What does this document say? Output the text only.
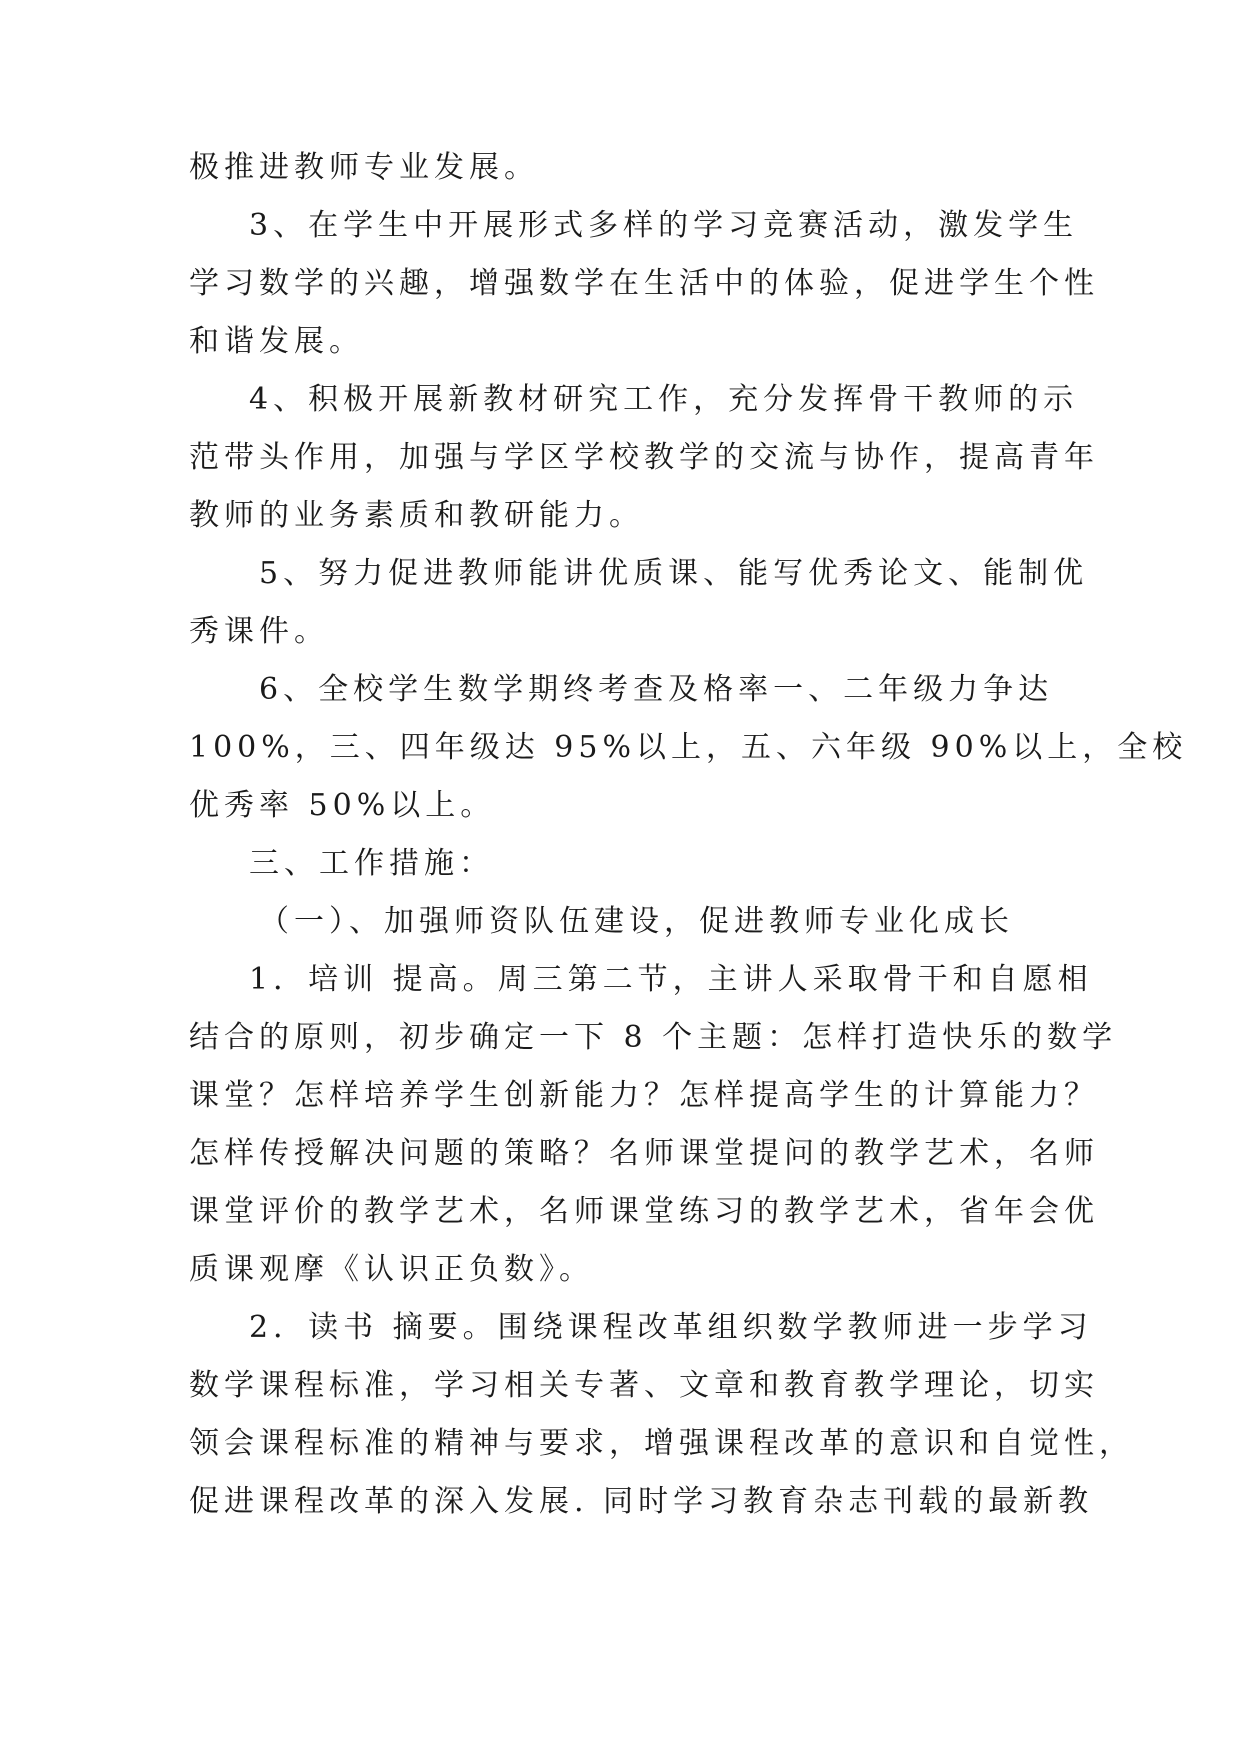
极推进教师专业发展。
3、在学生中开展形式多样的学习竞赛活动，激发学生
学习数学的兴趣，增强数学在生活中的体验，促进学生个性
和谐发展。
4、积极开展新教材研究工作，充分发挥骨干教师的示
范带头作用，加强与学区学校教学的交流与协作，提高青年
教师的业务素质和教研能力。
5、努力促进教师能讲优质课、能写优秀论文、能制优
秀课件。
6、全校学生数学期终考查及格率一、二年级力争达
100%，三、四年级达 95%以上，五、六年级 90%以上，全校
优秀率 50%以上。
三、工作措施：
（一）、加强师资队伍建设，促进教师专业化成长
1．培训 提高。周三第二节，主讲人采取骨干和自愿相
结合的原则，初步确定一下 8 个主题：怎样打造快乐的数学
课堂？怎样培养学生创新能力？怎样提高学生的计算能力？
怎样传授解决问题的策略？名师课堂提问的教学艺术，名师
课堂评价的教学艺术，名师课堂练习的教学艺术，省年会优
质课观摩《认识正负数》。
2．读书 摘要。围绕课程改革组织数学教师进一步学习
数学课程标准，学习相关专著、文章和教育教学理论，切实
领会课程标准的精神与要求，增强课程改革的意识和自觉性，
促进课程改革的深入发展. 同时学习教育杂志刊载的最新教
